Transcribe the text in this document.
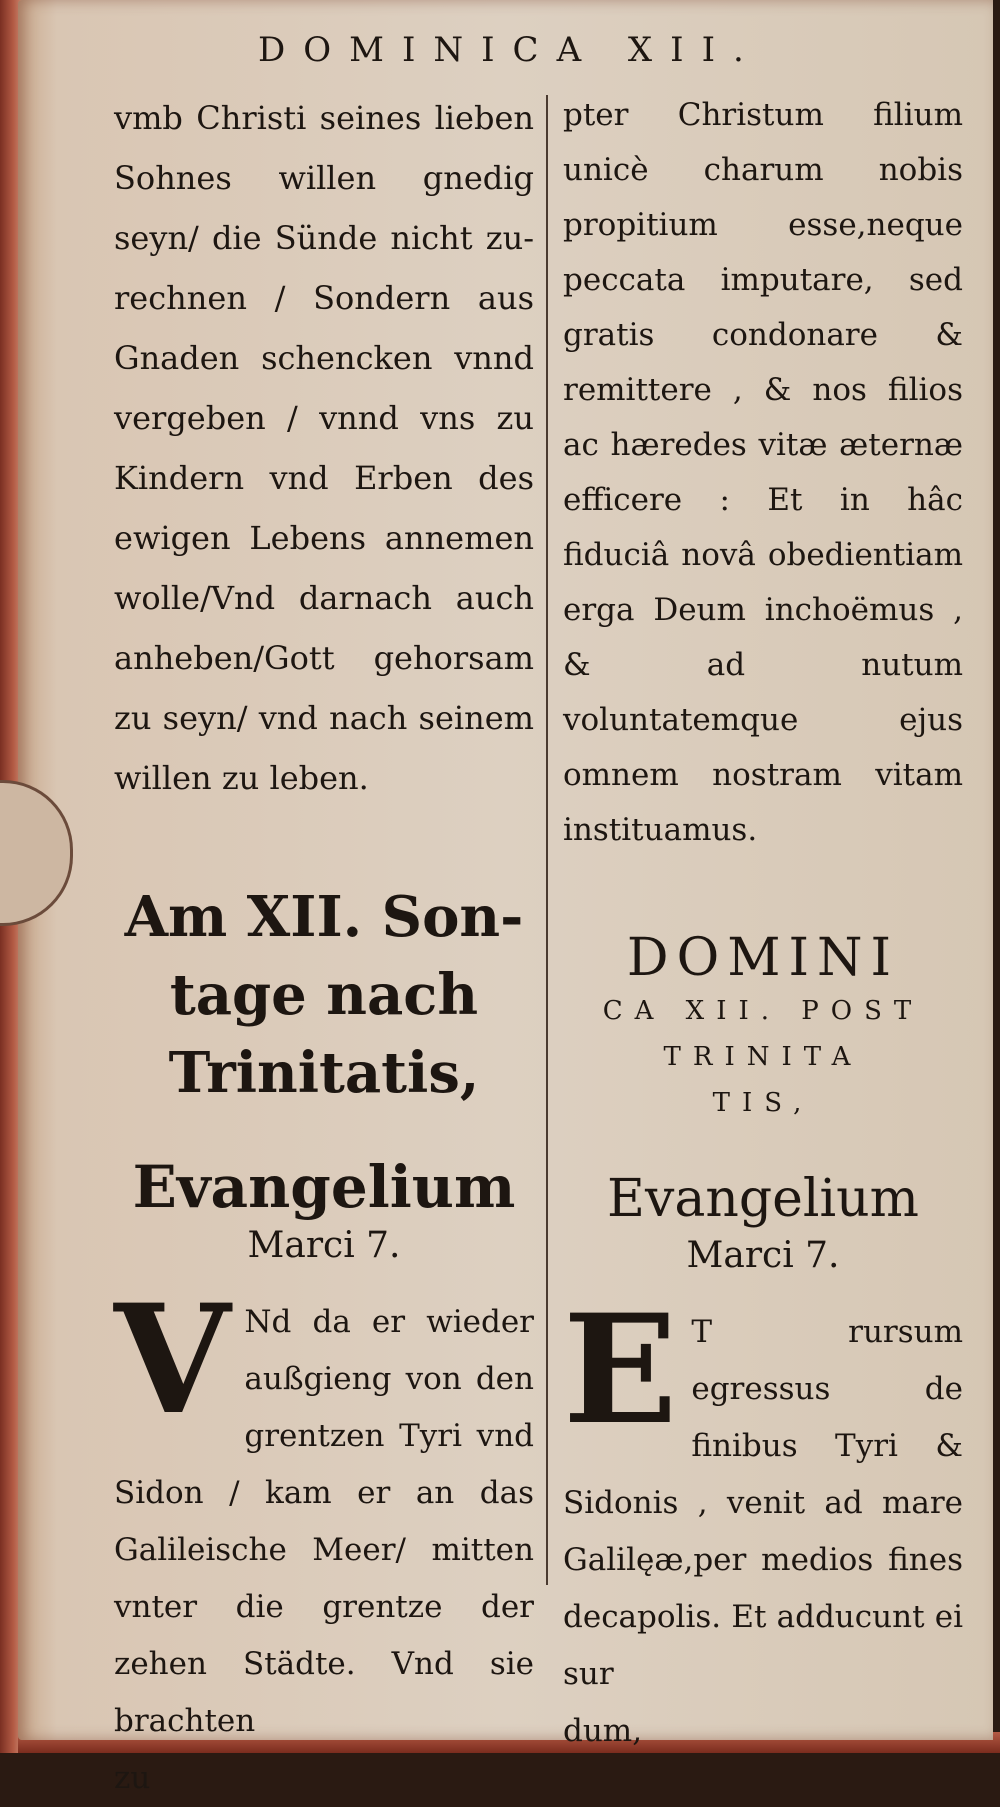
DOMINICA XII.

vmb Christi seines lieben Sohnes willen gnedig seyn/ die Sünde nicht zurechnen / Sondern aus Gnaden schencken vnnd vergeben / vnnd vns zu Kindern vnd Erben des ewigen Lebens annemen wolle/Vnd darnach auch anheben/Gott gehorsam zu seyn/ vnd nach seinem willen zu leben.

Am XII. Sontage nach Trinitatis,

Evangelium
Marci 7.
V Nd da er wieder außgieng von den grentzen Tyri vnd Sidon / kam er an das Galileische Meer/ mitten vnter die grentze der zehen Städte. Vnd sie brachten

zu

pter Christum filium unicè charum nobis propitium esse,neque peccata imputare, sed gratis condonare & remittere , & nos filios ac hæredes vitæ æternæ efficere : Et in hâc fiduciâ novâ obedientiam erga Deum inchoëmus , & ad nutum voluntatemque ejus omnem nostram vitam instituamus.

DOMINI
CA XII. POST
TRINITA
TIS,
Evangelium
Marci 7.
E T rursum egressus de finibus Tyri & Sidonis , venit ad mare Galilęæ,per medios fines decapolis. Et adducunt ei sur

dum,
